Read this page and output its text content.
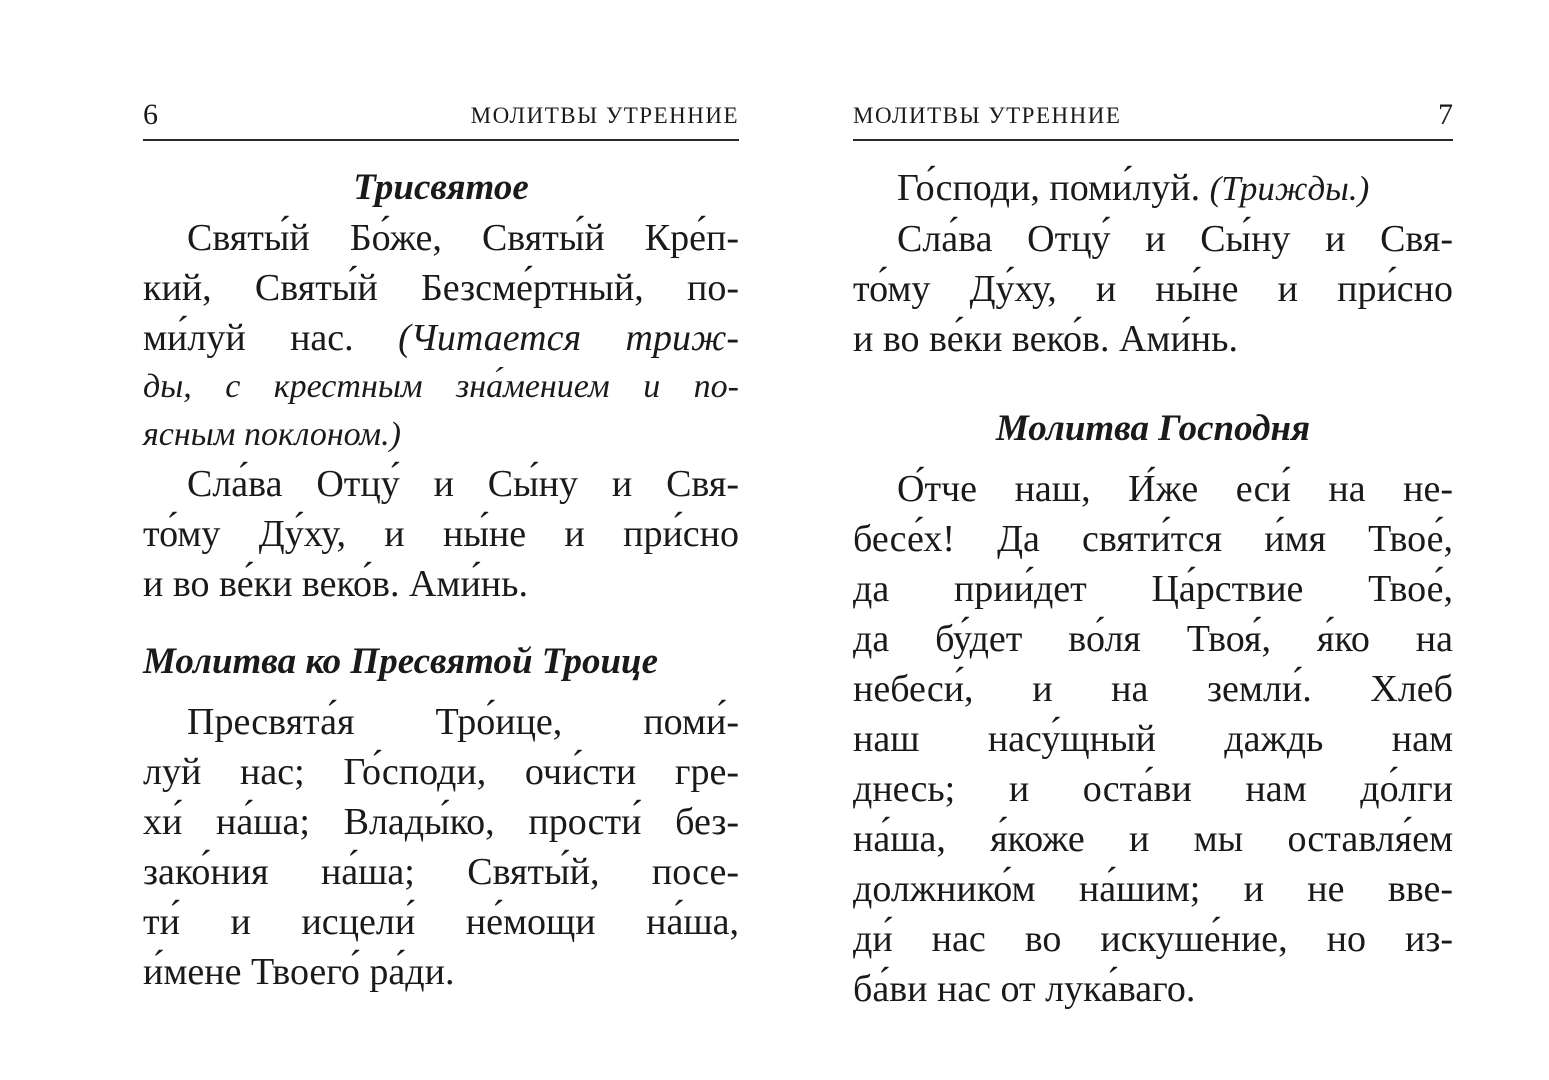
6	МОЛИТВЫ УТРЕННИЕ

Трисвятое

Святы́й Бо́же, Святы́й Кре́п-

кий, Святы́й Безсме́ртный, по-

ми́луй нас. (Читается триж-

ды, с крестным зна́мением и по-

ясным поклоном.)

Сла́ва Отцу́ и Сы́ну и Свя-

то́му Ду́ху, и ны́не и при́сно

и во ве́ки веко́в. Ами́нь.

Молитва ко Пресвятой Троице

Пресвята́я Тро́ице, поми́-

луй нас; Го́споди, очи́сти гре-

хи́ на́ша; Влады́ко, прости́ без-

зако́ния на́ша; Святы́й, посе-

ти́ и исцели́ не́мощи на́ша,

и́мене Твоего́ ра́ди.

МОЛИТВЫ УТРЕННИЕ	7

Го́споди, поми́луй. (Трижды.)

Сла́ва Отцу́ и Сы́ну и Свя-

то́му Ду́ху, и ны́не и при́сно

и во ве́ки веко́в. Ами́нь.

Молитва Господня

О́тче наш, И́же еси́ на не-

бесе́х! Да святи́тся и́мя Твое́,

да прии́дет Ца́рствие Твое́,

да бу́дет во́ля Твоя́, я́ко на

небеси́, и на земли́. Хлеб

наш насу́щный даждь нам

днесь; и оста́ви нам до́лги

на́ша, я́коже и мы оставля́ем

должнико́м на́шим; и не вве-

ди́ нас во искуше́ние, но из-

ба́ви нас от лука́ваго.
